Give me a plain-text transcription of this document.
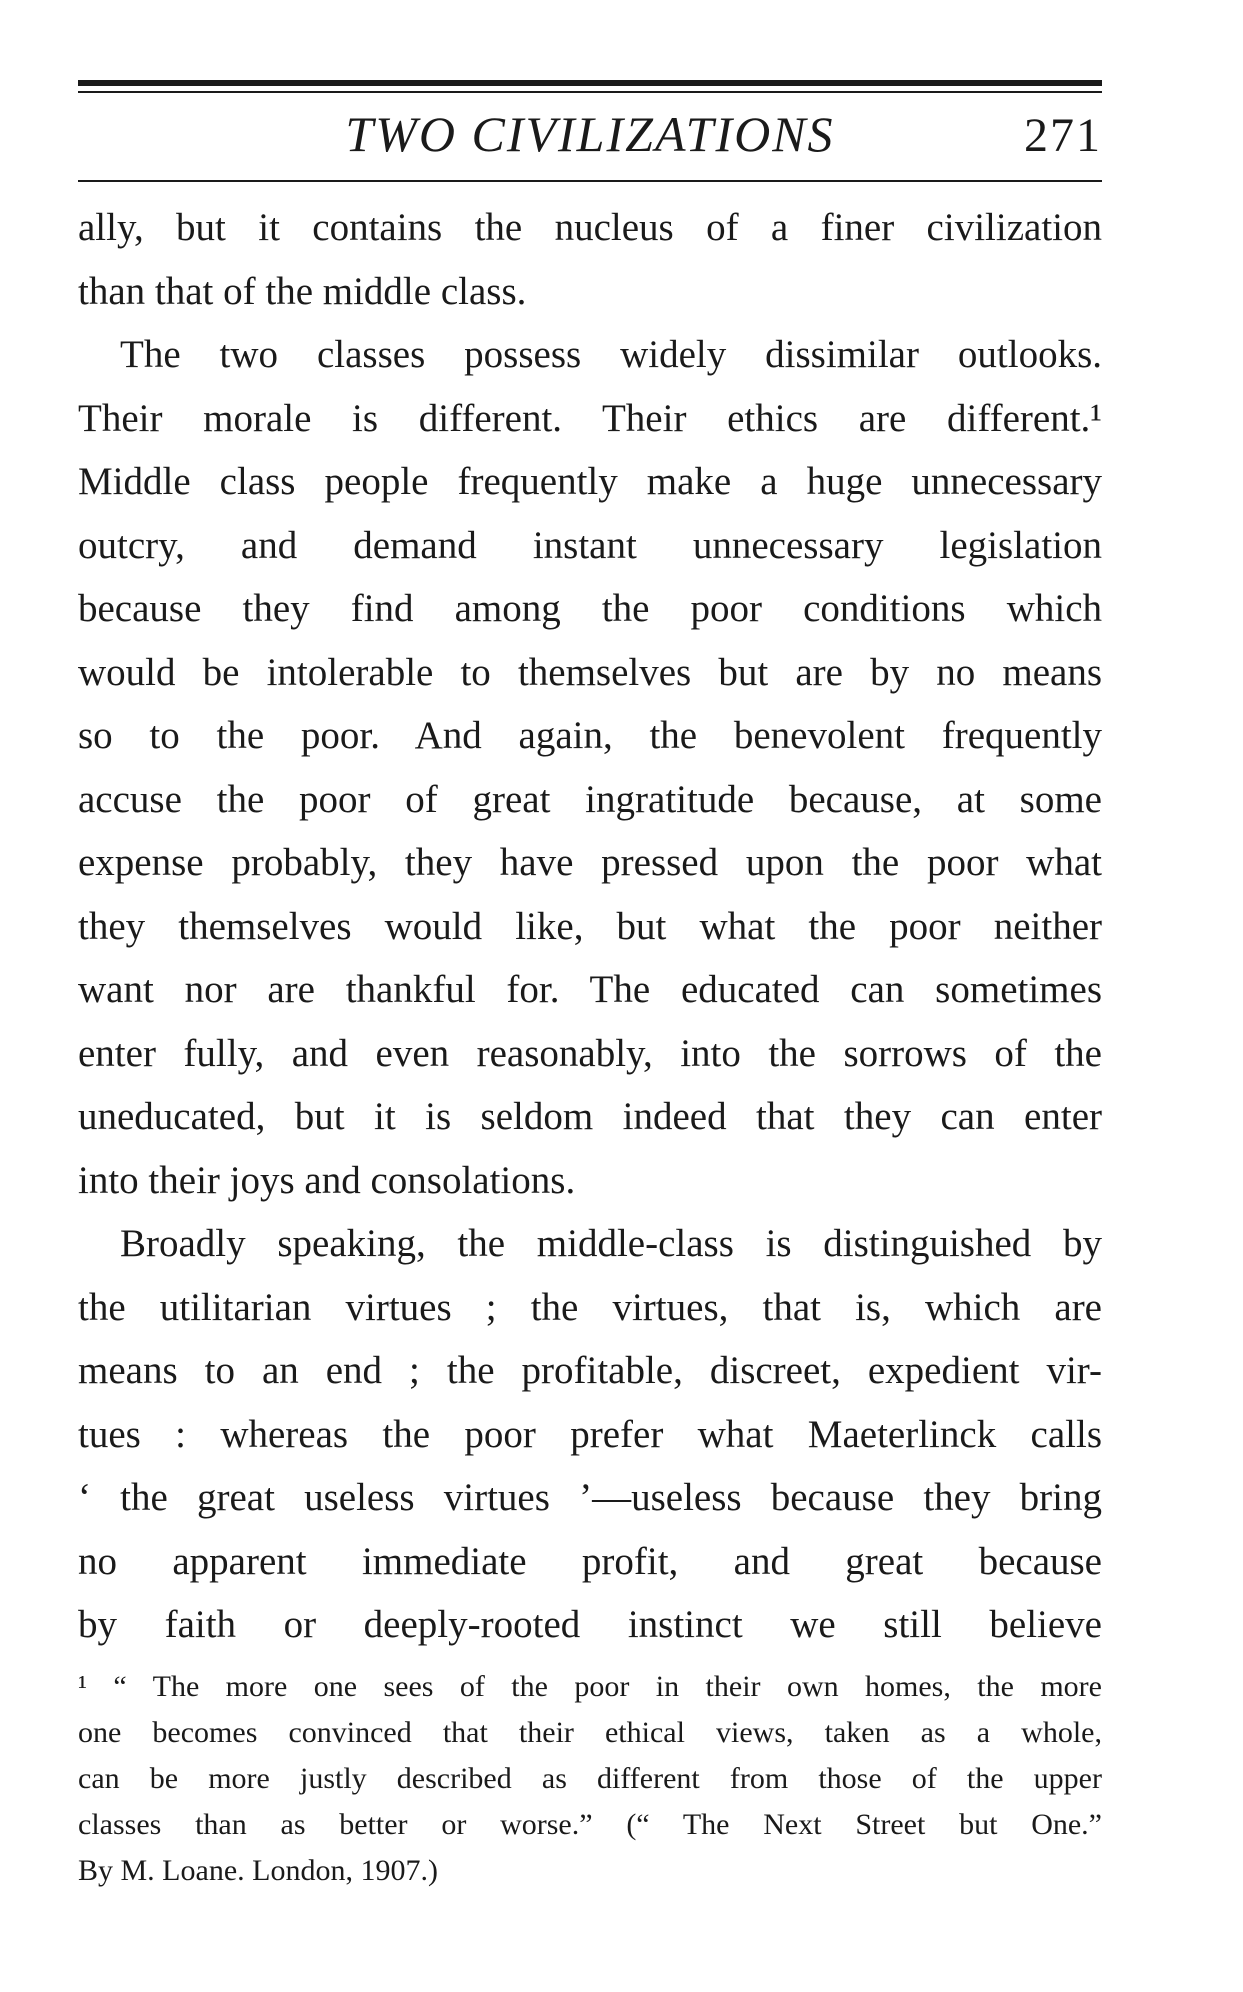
TWO CIVILIZATIONS	271
ally, but it contains the nucleus of a finer civilization
than that of the middle class.
The two classes possess widely dissimilar outlooks.
Their morale is different. Their ethics are different.¹
Middle class people frequently make a huge unnecessary
outcry, and demand instant unnecessary legislation
because they find among the poor conditions which
would be intolerable to themselves but are by no means
so to the poor. And again, the benevolent frequently
accuse the poor of great ingratitude because, at some
expense probably, they have pressed upon the poor what
they themselves would like, but what the poor neither
want nor are thankful for. The educated can sometimes
enter fully, and even reasonably, into the sorrows of the
uneducated, but it is seldom indeed that they can enter
into their joys and consolations.
Broadly speaking, the middle-class is distinguished by
the utilitarian virtues ; the virtues, that is, which are
means to an end ; the profitable, discreet, expedient vir-
tues : whereas the poor prefer what Maeterlinck calls
‘ the great useless virtues ’—useless because they bring
no apparent immediate profit, and great because
by faith or deeply-rooted instinct we still believe
¹ “ The more one sees of the poor in their own homes, the more
one becomes convinced that their ethical views, taken as a whole,
can be more justly described as different from those of the upper
classes than as better or worse.” (“ The Next Street but One.”
By M. Loane. London, 1907.)
